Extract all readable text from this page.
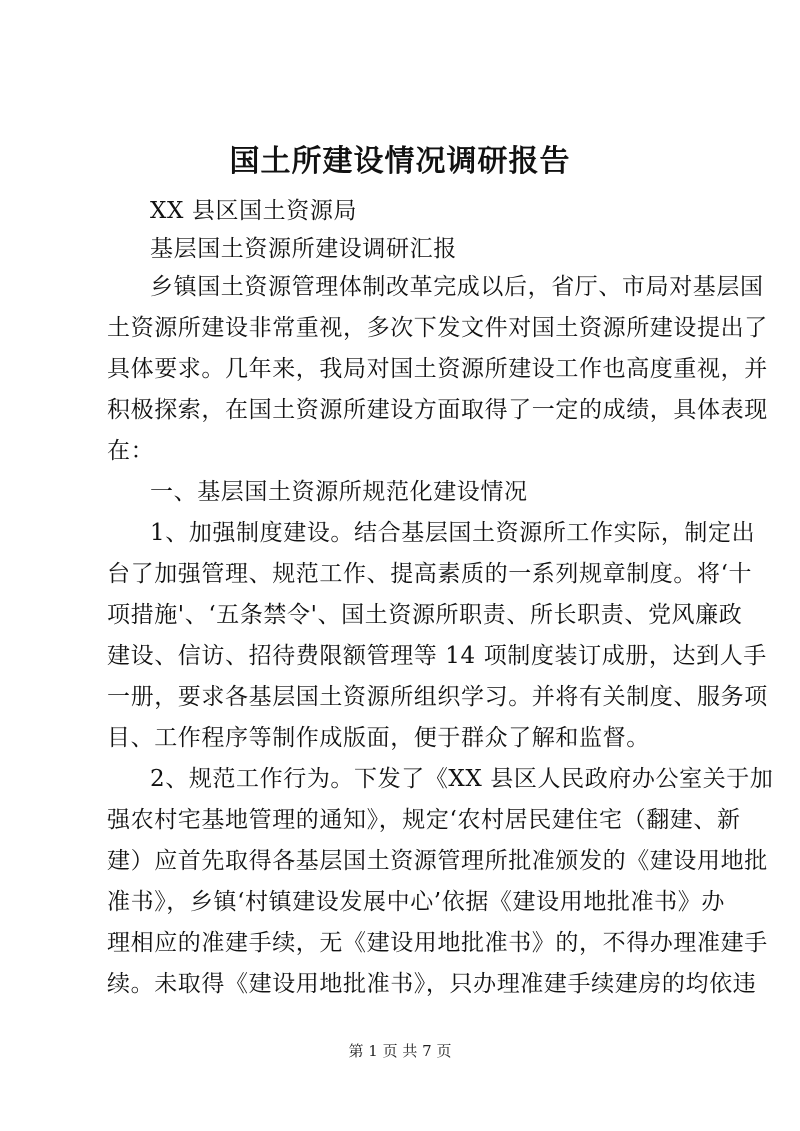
国土所建设情况调研报告
XX 县区国土资源局
基层国土资源所建设调研汇报
乡镇国土资源管理体制改革完成以后，省厅、市局对基层国
土资源所建设非常重视，多次下发文件对国土资源所建设提出了
具体要求。几年来，我局对国土资源所建设工作也高度重视，并
积极探索，在国土资源所建设方面取得了一定的成绩，具体表现
在：
一、基层国土资源所规范化建设情况
1、加强制度建设。结合基层国土资源所工作实际，制定出
台了加强管理、规范工作、提高素质的一系列规章制度。将‘十
项措施'、‘五条禁令'、国土资源所职责、所长职责、党风廉政
建设、信访、招待费限额管理等 14 项制度装订成册，达到人手
一册，要求各基层国土资源所组织学习。并将有关制度、服务项
目、工作程序等制作成版面，便于群众了解和监督。
2、规范工作行为。下发了《XX 县区人民政府办公室关于加
强农村宅基地管理的通知》，规定‘农村居民建住宅（翻建、新
建）应首先取得各基层国土资源管理所批准颁发的《建设用地批
准书》，乡镇‘村镇建设发展中心’依据《建设用地批准书》办
理相应的准建手续，无《建设用地批准书》的，不得办理准建手
续。未取得《建设用地批准书》，只办理准建手续建房的均依违
第 1 页 共 7 页
